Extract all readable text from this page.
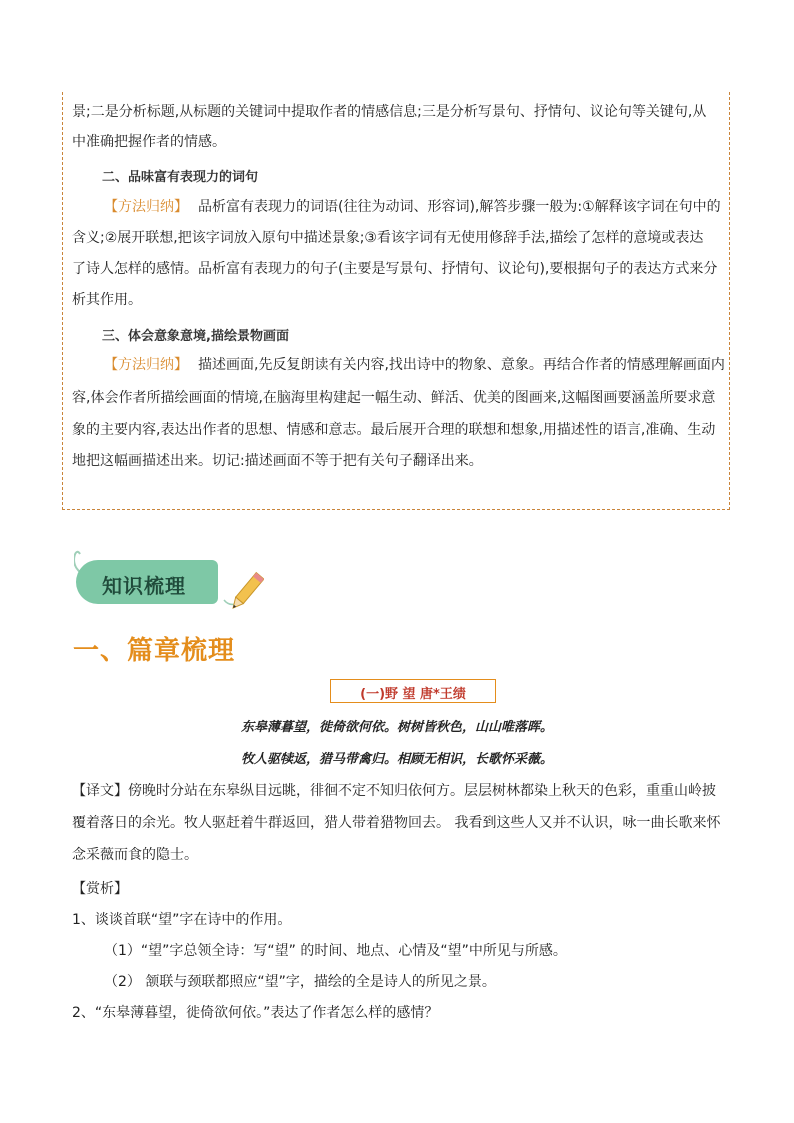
景;二是分析标题,从标题的关键词中提取作者的情感信息;三是分析写景句、抒情句、议论句等关键句,从

中准确把握作者的情感。

二、品味富有表现力的词句

【方法归纳】 品析富有表现力的词语(往往为动词、形容词),解答步骤一般为:①解释该字词在句中的

含义;②展开联想,把该字词放入原句中描述景象;③看该字词有无使用修辞手法,描绘了怎样的意境或表达

了诗人怎样的感情。品析富有表现力的句子(主要是写景句、抒情句、议论句),要根据句子的表达方式来分

析其作用。

三、体会意象意境,描绘景物画面

【方法归纳】 描述画面,先反复朗读有关内容,找出诗中的物象、意象。再结合作者的情感理解画面内

容,体会作者所描绘画面的情境,在脑海里构建起一幅生动、鲜活、优美的图画来,这幅图画要涵盖所要求意

象的主要内容,表达出作者的思想、情感和意志。最后展开合理的联想和想象,用描述性的语言,准确、生动

地把这幅画描述出来。切记:描述画面不等于把有关句子翻译出来。

知识梳理
一、篇章梳理
(一)野 望 唐*王绩

东皋薄暮望，徙倚欲何依。树树皆秋色，山山唯落晖。

牧人驱犊返，猎马带禽归。相顾无相识，长歌怀采薇。

【译文】傍晚时分站在东皋纵目远眺，徘徊不定不知归依何方。层层树林都染上秋天的色彩，重重山岭披

覆着落日的余光。牧人驱赶着牛群返回，猎人带着猎物回去。 我看到这些人又并不认识，咏一曲长歌来怀

念采薇而食的隐士。

【赏析】

1、谈谈首联“望”字在诗中的作用。

（1）“望”字总领全诗：写“望” 的时间、地点、心情及“望”中所见与所感。

（2） 颔联与颈联都照应“望”字，描绘的全是诗人的所见之景。

2、“东皋薄暮望，徙倚欲何依。”表达了作者怎么样的感情？
